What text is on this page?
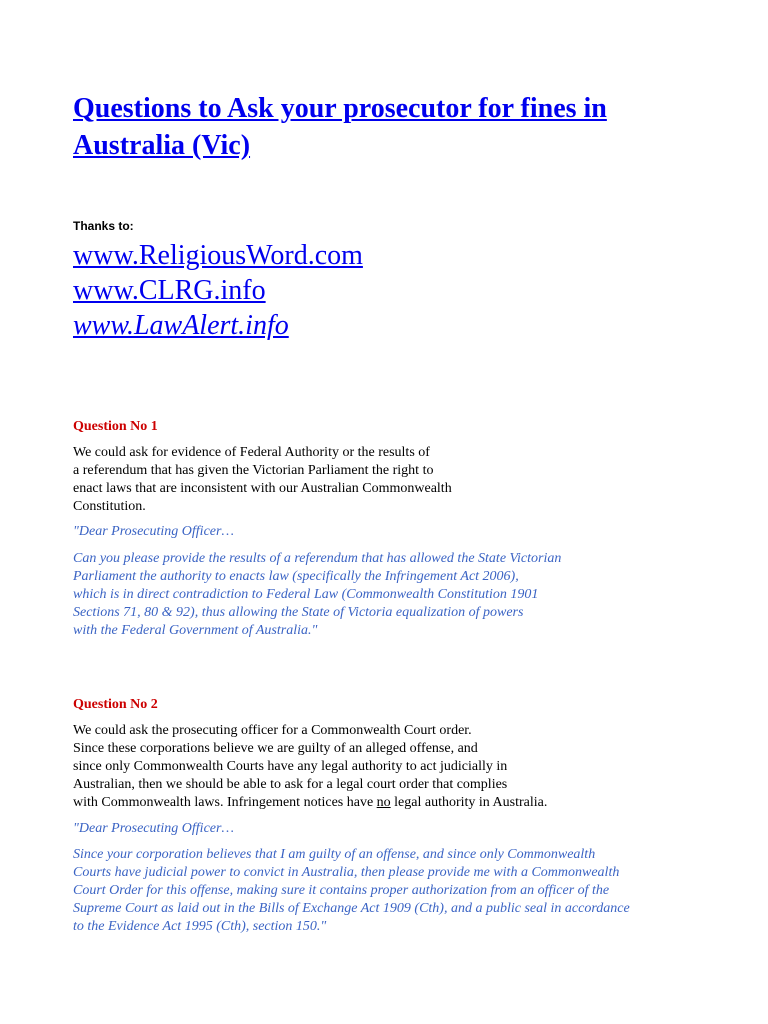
Questions to Ask your prosecutor for fines in
Australia (Vic)
Thanks to:
www.ReligiousWord.com
www.CLRG.info
www.LawAlert.info
Question No 1
We could ask for evidence of Federal Authority or the results of
a referendum that has given the Victorian Parliament the right to
enact laws that are inconsistent with our Australian Commonwealth
Constitution.
"Dear Prosecuting Officer…
Can you please provide the results of a referendum that has allowed the State Victorian
Parliament the authority to enacts law (specifically the Infringement Act 2006),
which is in direct contradiction to Federal Law (Commonwealth Constitution 1901
Sections 71, 80 & 92), thus allowing the State of Victoria equalization of powers
with the Federal Government of Australia."
Question No 2
We could ask the prosecuting officer for a Commonwealth Court order.
Since these corporations believe we are guilty of an alleged offense, and
since only Commonwealth Courts have any legal authority to act judicially in
Australian, then we should be able to ask for a legal court order that complies
with Commonwealth laws. Infringement notices have no legal authority in Australia.
"Dear Prosecuting Officer…
Since your corporation believes that I am guilty of an offense, and since only Commonwealth
Courts have judicial power to convict in Australia, then please provide me with a Commonwealth
Court Order for this offense, making sure it contains proper authorization from an officer of the
Supreme Court as laid out in the Bills of Exchange Act 1909 (Cth), and a public seal in accordance
to the Evidence Act 1995 (Cth), section 150."
